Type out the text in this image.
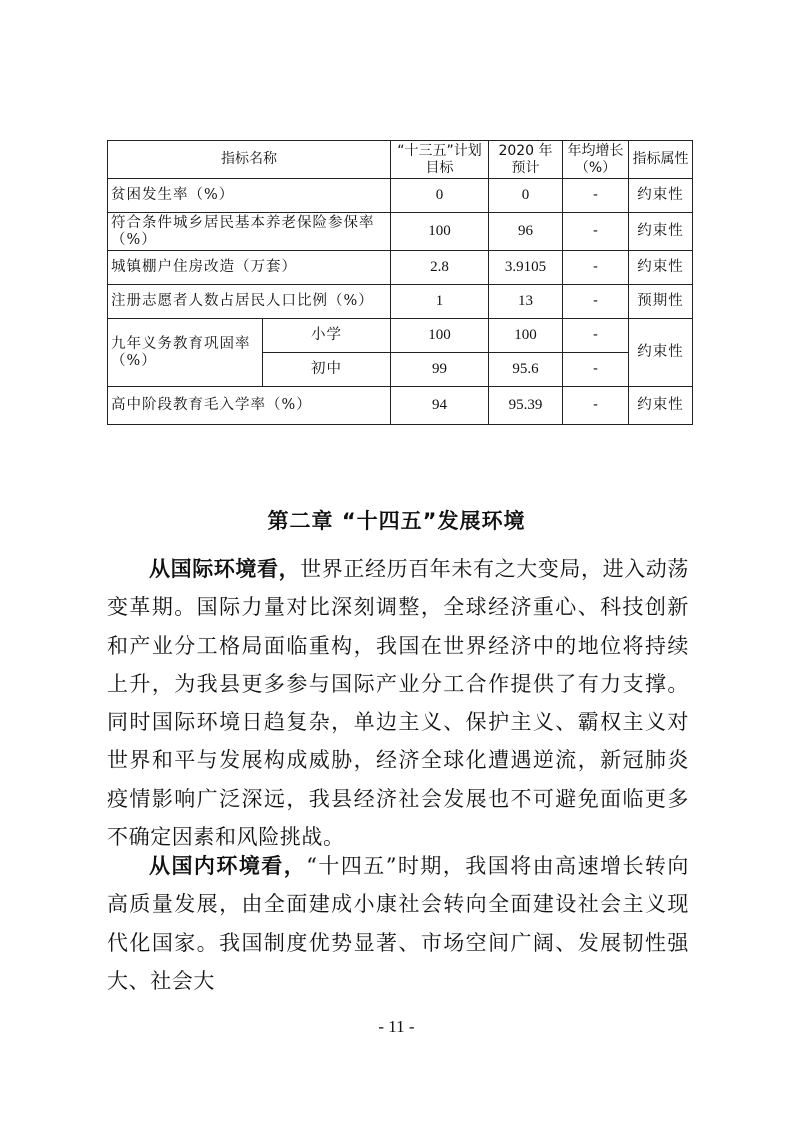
指标名称		“十三五”计划目标	2020 年预计	年均增长（%）	指标属性
贫困发生率（%）		0	0	-	约束性
符合条件城乡居民基本养老保险参保率（%）		100	96	-	约束性
城镇棚户住房改造（万套）		2.8	3.9105	-	约束性
注册志愿者人数占居民人口比例（%）		1	13	-	预期性
九年义务教育巩固率（%）	小学	100	100	-	约束性
	初中	99	95.6	-	
高中阶段教育毛入学率（%）		94	95.39	-	约束性
第二章 “十四五”发展环境
从国际环境看，世界正经历百年未有之大变局，进入动荡变革期。国际力量对比深刻调整，全球经济重心、科技创新和产业分工格局面临重构，我国在世界经济中的地位将持续上升，为我县更多参与国际产业分工合作提供了有力支撑。同时国际环境日趋复杂，单边主义、保护主义、霸权主义对世界和平与发展构成威胁，经济全球化遭遇逆流，新冠肺炎疫情影响广泛深远，我县经济社会发展也不可避免面临更多不确定因素和风险挑战。
从国内环境看，“十四五”时期，我国将由高速增长转向高质量发展，由全面建成小康社会转向全面建设社会主义现代化国家。我国制度优势显著、市场空间广阔、发展韧性强大、社会大
- 11 -
